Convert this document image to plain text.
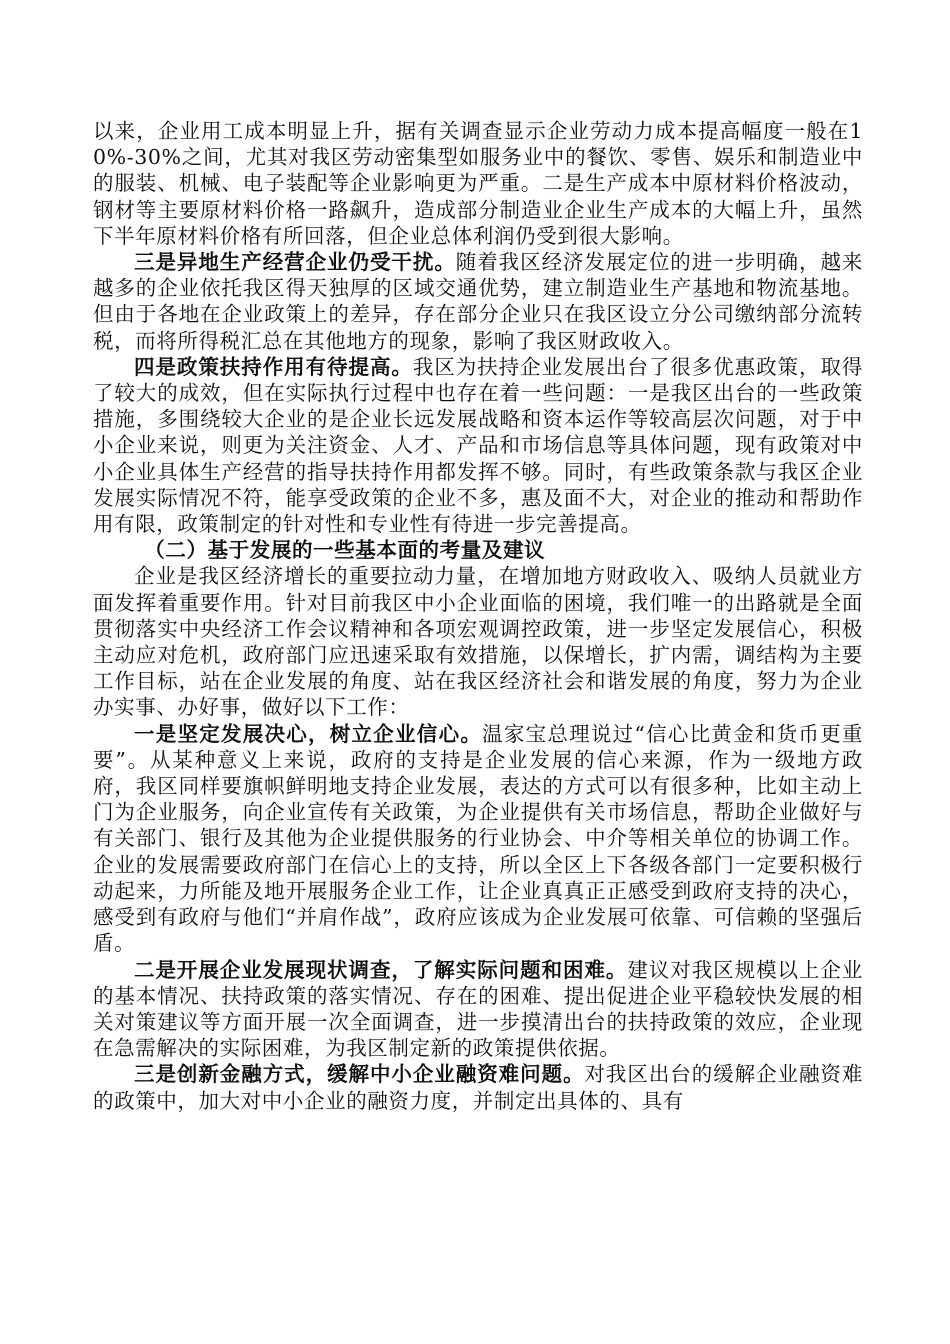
以来，企业用工成本明显上升，据有关调查显示企业劳动力成本提高幅度一般在10%-30%之间，尤其对我区劳动密集型如服务业中的餐饮、零售、娱乐和制造业中的服装、机械、电子装配等企业影响更为严重。二是生产成本中原材料价格波动，钢材等主要原材料价格一路飙升，造成部分制造业企业生产成本的大幅上升，虽然下半年原材料价格有所回落，但企业总体利润仍受到很大影响。

三是异地生产经营企业仍受干扰。随着我区经济发展定位的进一步明确，越来越多的企业依托我区得天独厚的区域交通优势，建立制造业生产基地和物流基地。但由于各地在企业政策上的差异，存在部分企业只在我区设立分公司缴纳部分流转税，而将所得税汇总在其他地方的现象，影响了我区财政收入。

四是政策扶持作用有待提高。我区为扶持企业发展出台了很多优惠政策，取得了较大的成效，但在实际执行过程中也存在着一些问题：一是我区出台的一些政策措施，多围绕较大企业的是企业长远发展战略和资本运作等较高层次问题，对于中小企业来说，则更为关注资金、人才、产品和市场信息等具体问题，现有政策对中小企业具体生产经营的指导扶持作用都发挥不够。同时，有些政策条款与我区企业发展实际情况不符，能享受政策的企业不多，惠及面不大，对企业的推动和帮助作用有限，政策制定的针对性和专业性有待进一步完善提高。

（二）基于发展的一些基本面的考量及建议

企业是我区经济增长的重要拉动力量，在增加地方财政收入、吸纳人员就业方面发挥着重要作用。针对目前我区中小企业面临的困境，我们唯一的出路就是全面贯彻落实中央经济工作会议精神和各项宏观调控政策，进一步坚定发展信心，积极主动应对危机，政府部门应迅速采取有效措施，以保增长，扩内需，调结构为主要工作目标，站在企业发展的角度、站在我区经济社会和谐发展的角度，努力为企业办实事、办好事，做好以下工作：

一是坚定发展决心，树立企业信心。温家宝总理说过“信心比黄金和货币更重要”。从某种意义上来说，政府的支持是企业发展的信心来源，作为一级地方政府，我区同样要旗帜鲜明地支持企业发展，表达的方式可以有很多种，比如主动上门为企业服务，向企业宣传有关政策，为企业提供有关市场信息，帮助企业做好与有关部门、银行及其他为企业提供服务的行业协会、中介等相关单位的协调工作。企业的发展需要政府部门在信心上的支持，所以全区上下各级各部门一定要积极行动起来，力所能及地开展服务企业工作，让企业真真正正感受到政府支持的决心，感受到有政府与他们“并肩作战”，政府应该成为企业发展可依靠、可信赖的坚强后盾。

二是开展企业发展现状调查，了解实际问题和困难。建议对我区规模以上企业的基本情况、扶持政策的落实情况、存在的困难、提出促进企业平稳较快发展的相关对策建议等方面开展一次全面调查，进一步摸清出台的扶持政策的效应，企业现在急需解决的实际困难，为我区制定新的政策提供依据。

三是创新金融方式，缓解中小企业融资难问题。对我区出台的缓解企业融资难的政策中，加大对中小企业的融资力度，并制定出具体的、具有
